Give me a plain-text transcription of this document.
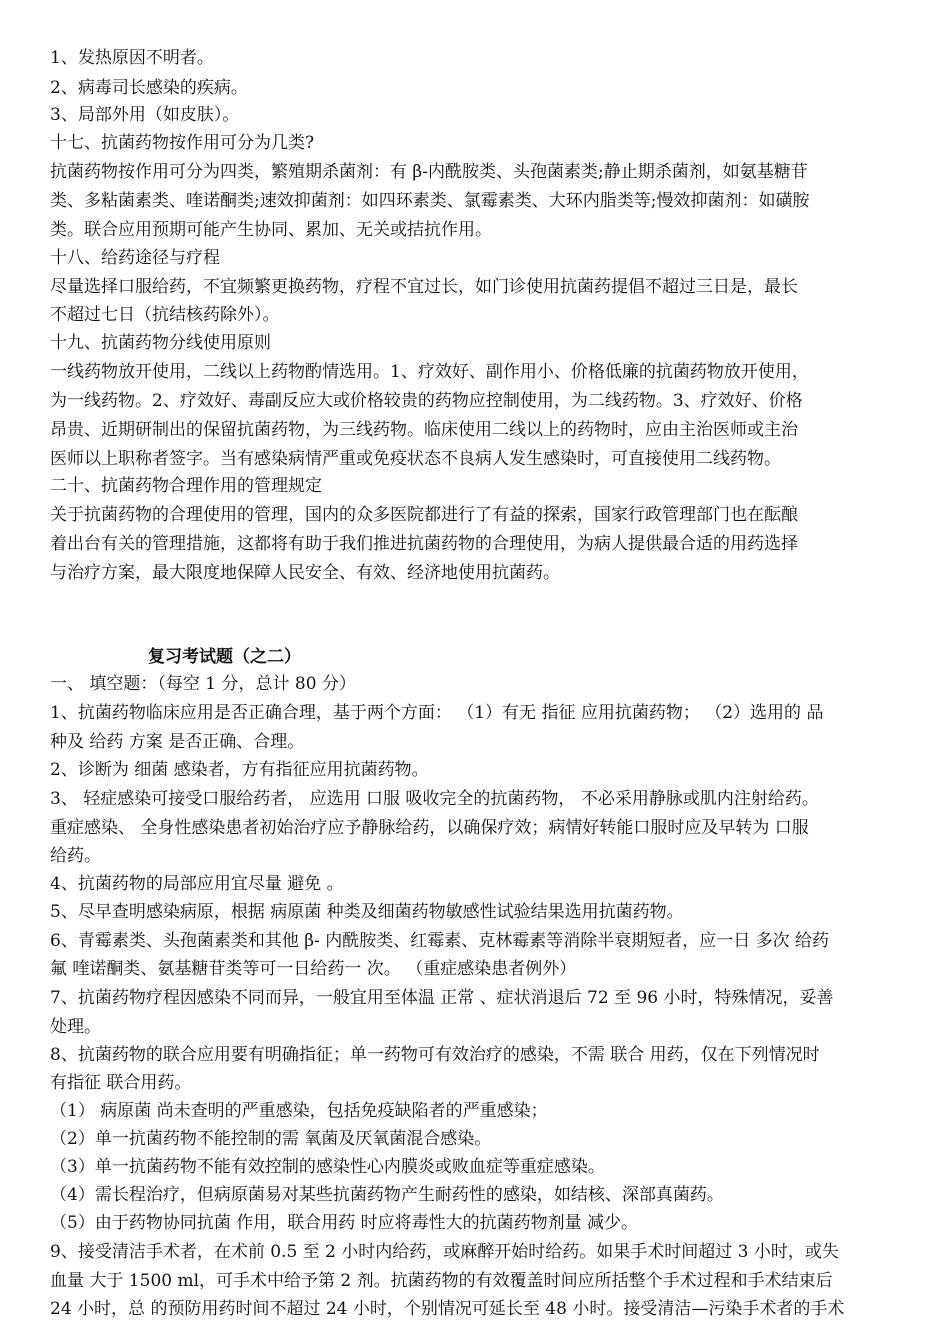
1、发热原因不明者。
2、病毒司长感染的疾病。
3、局部外用（如皮肤）。
十七、抗菌药物按作用可分为几类?
抗菌药物按作用可分为四类，繁殖期杀菌剂：有 β-内酰胺类、头孢菌素类;静止期杀菌剂，如氨基糖苷
类、多粘菌素类、喹诺酮类;速效抑菌剂：如四环素类、氯霉素类、大环内脂类等;慢效抑菌剂：如磺胺
类。联合应用预期可能产生协同、累加、无关或拮抗作用。
十八、给药途径与疗程
尽量选择口服给药，不宜频繁更换药物，疗程不宜过长，如门诊使用抗菌药提倡不超过三日是，最长
不超过七日（抗结核药除外）。
十九、抗菌药物分线使用原则
一线药物放开使用，二线以上药物酌情选用。1、疗效好、副作用小、价格低廉的抗菌药物放开使用，
为一线药物。2、疗效好、毒副反应大或价格较贵的药物应控制使用，为二线药物。3、疗效好、价格
昂贵、近期研制出的保留抗菌药物，为三线药物。临床使用二线以上的药物时，应由主治医师或主治
医师以上职称者签字。当有感染病情严重或免疫状态不良病人发生感染时，可直接使用二线药物。
二十、抗菌药物合理作用的管理规定
关于抗菌药物的合理使用的管理，国内的众多医院都进行了有益的探索，国家行政管理部门也在酝酿
着出台有关的管理措施，这都将有助于我们推进抗菌药物的合理使用，为病人提供最合适的用药选择
与治疗方案，最大限度地保障人民安全、有效、经济地使用抗菌药。
复习考试题（之二）
一、 填空题：（每空 1 分，总计 80 分）
1、抗菌药物临床应用是否正确合理，基于两个方面： （1）有无 指征 应用抗菌药物； （2）选用的 品
种及 给药 方案 是否正确、合理。
2、诊断为 细菌 感染者，方有指征应用抗菌药物。
3、 轻症感染可接受口服给药者， 应选用 口服 吸收完全的抗菌药物， 不必采用静脉或肌内注射给药。
重症感染、 全身性感染患者初始治疗应予静脉给药，以确保疗效；病情好转能口服时应及早转为 口服
给药。
4、抗菌药物的局部应用宜尽量 避免 。
5、尽早查明感染病原，根据 病原菌 种类及细菌药物敏感性试验结果选用抗菌药物。
6、青霉素类、头孢菌素类和其他 β- 内酰胺类、红霉素、克林霉素等消除半衰期短者，应一日 多次 给药
氟 喹诺酮类、氨基糖苷类等可一日给药一 次。 （重症感染患者例外）
7、抗菌药物疗程因感染不同而异，一般宜用至体温 正常 、症状消退后 72 至 96 小时，特殊情况，妥善
处理。
8、抗菌药物的联合应用要有明确指征；单一药物可有效治疗的感染，不需 联合 用药，仅在下列情况时
有指征 联合用药。
（1） 病原菌 尚未查明的严重感染，包括免疫缺陷者的严重感染；
（2）单一抗菌药物不能控制的需 氧菌及厌氧菌混合感染。
（3）单一抗菌药物不能有效控制的感染性心内膜炎或败血症等重症感染。
（4）需长程治疗，但病原菌易对某些抗菌药物产生耐药性的感染，如结核、深部真菌药。
（5）由于药物协同抗菌 作用，联合用药 时应将毒性大的抗菌药物剂量 减少。
9、接受清洁手术者，在术前 0.5 至 2 小时内给药，或麻醉开始时给药。如果手术时间超过 3 小时，或失
血量 大于 1500 ml，可手术中给予第 2 剂。抗菌药物的有效覆盖时间应所括整个手术过程和手术结束后
24 小时，总 的预防用药时间不超过 24 小时，个别情况可延长至 48 小时。接受清洁—污染手术者的手术
